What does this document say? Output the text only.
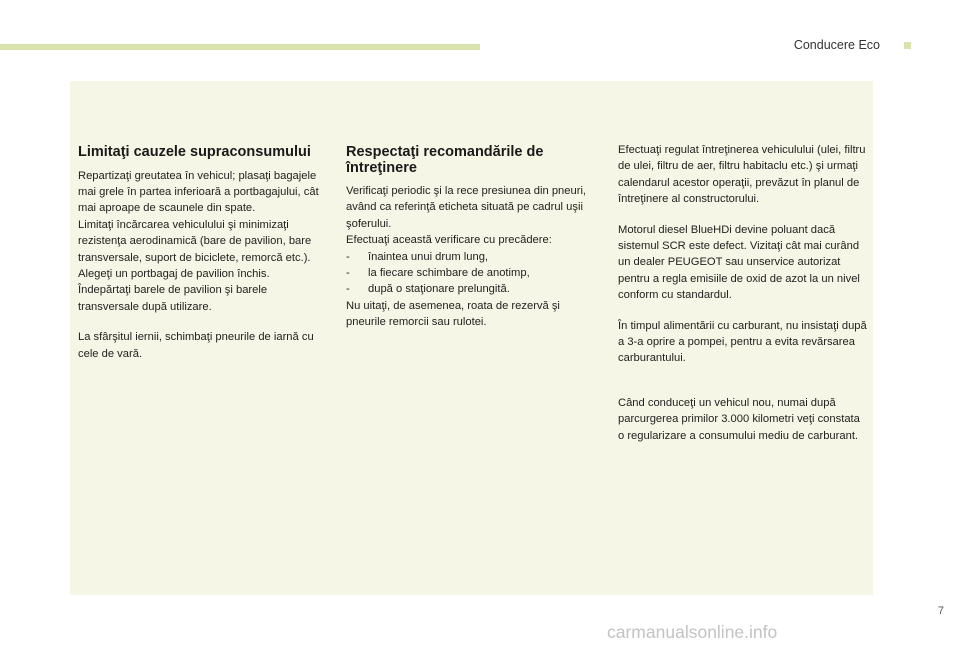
Conducere Eco
Limitaţi cauzele supraconsumului

Repartizaţi greutatea în vehicul; plasaţi bagajele mai grele în partea inferioară a portbagajului, cât mai aproape de scaunele din spate.

Limitaţi încărcarea vehiculului şi minimizaţi rezistenţa aerodinamică (bare de pavilion, bare transversale, suport de biciclete, remorcă etc.). Alegeţi un portbagaj de pavilion închis.

Îndepărtaţi barele de pavilion şi barele transversale după utilizare.

La sfârşitul iernii, schimbaţi pneurile de iarnă cu cele de vară.

Respectaţi recomandările de întreţinere

Verificaţi periodic şi la rece presiunea din pneuri, având ca referinţă eticheta situată pe cadrul uşii şoferului.

Efectuaţi această verificare cu precădere:

-	înaintea unui drum lung,
-	la fiecare schimbare de anotimp,
-	după o staţionare prelungită.

Nu uitaţi, de asemenea, roata de rezervă şi pneurile remorcii sau rulotei.

Efectuaţi regulat întreţinerea vehiculului (ulei, filtru de ulei, filtru de aer, filtru habitaclu etc.) şi urmaţi calendarul acestor operaţii, prevăzut în planul de întreţinere al constructorului.

Motorul diesel BlueHDi devine poluant dacă sistemul SCR este defect. Vizitaţi cât mai curând un dealer PEUGEOT sau unservice autorizat pentru a regla emisiile de oxid de azot la un nivel conform cu standardul.

În timpul alimentării cu carburant, nu insistaţi după a 3-a oprire a pompei, pentru a evita revărsarea carburantului.

Când conduceţi un vehicul nou, numai după parcurgerea primilor 3.000 kilometri veţi constata o regularizare a consumului mediu de carburant.

7
carmanualsonline.info
